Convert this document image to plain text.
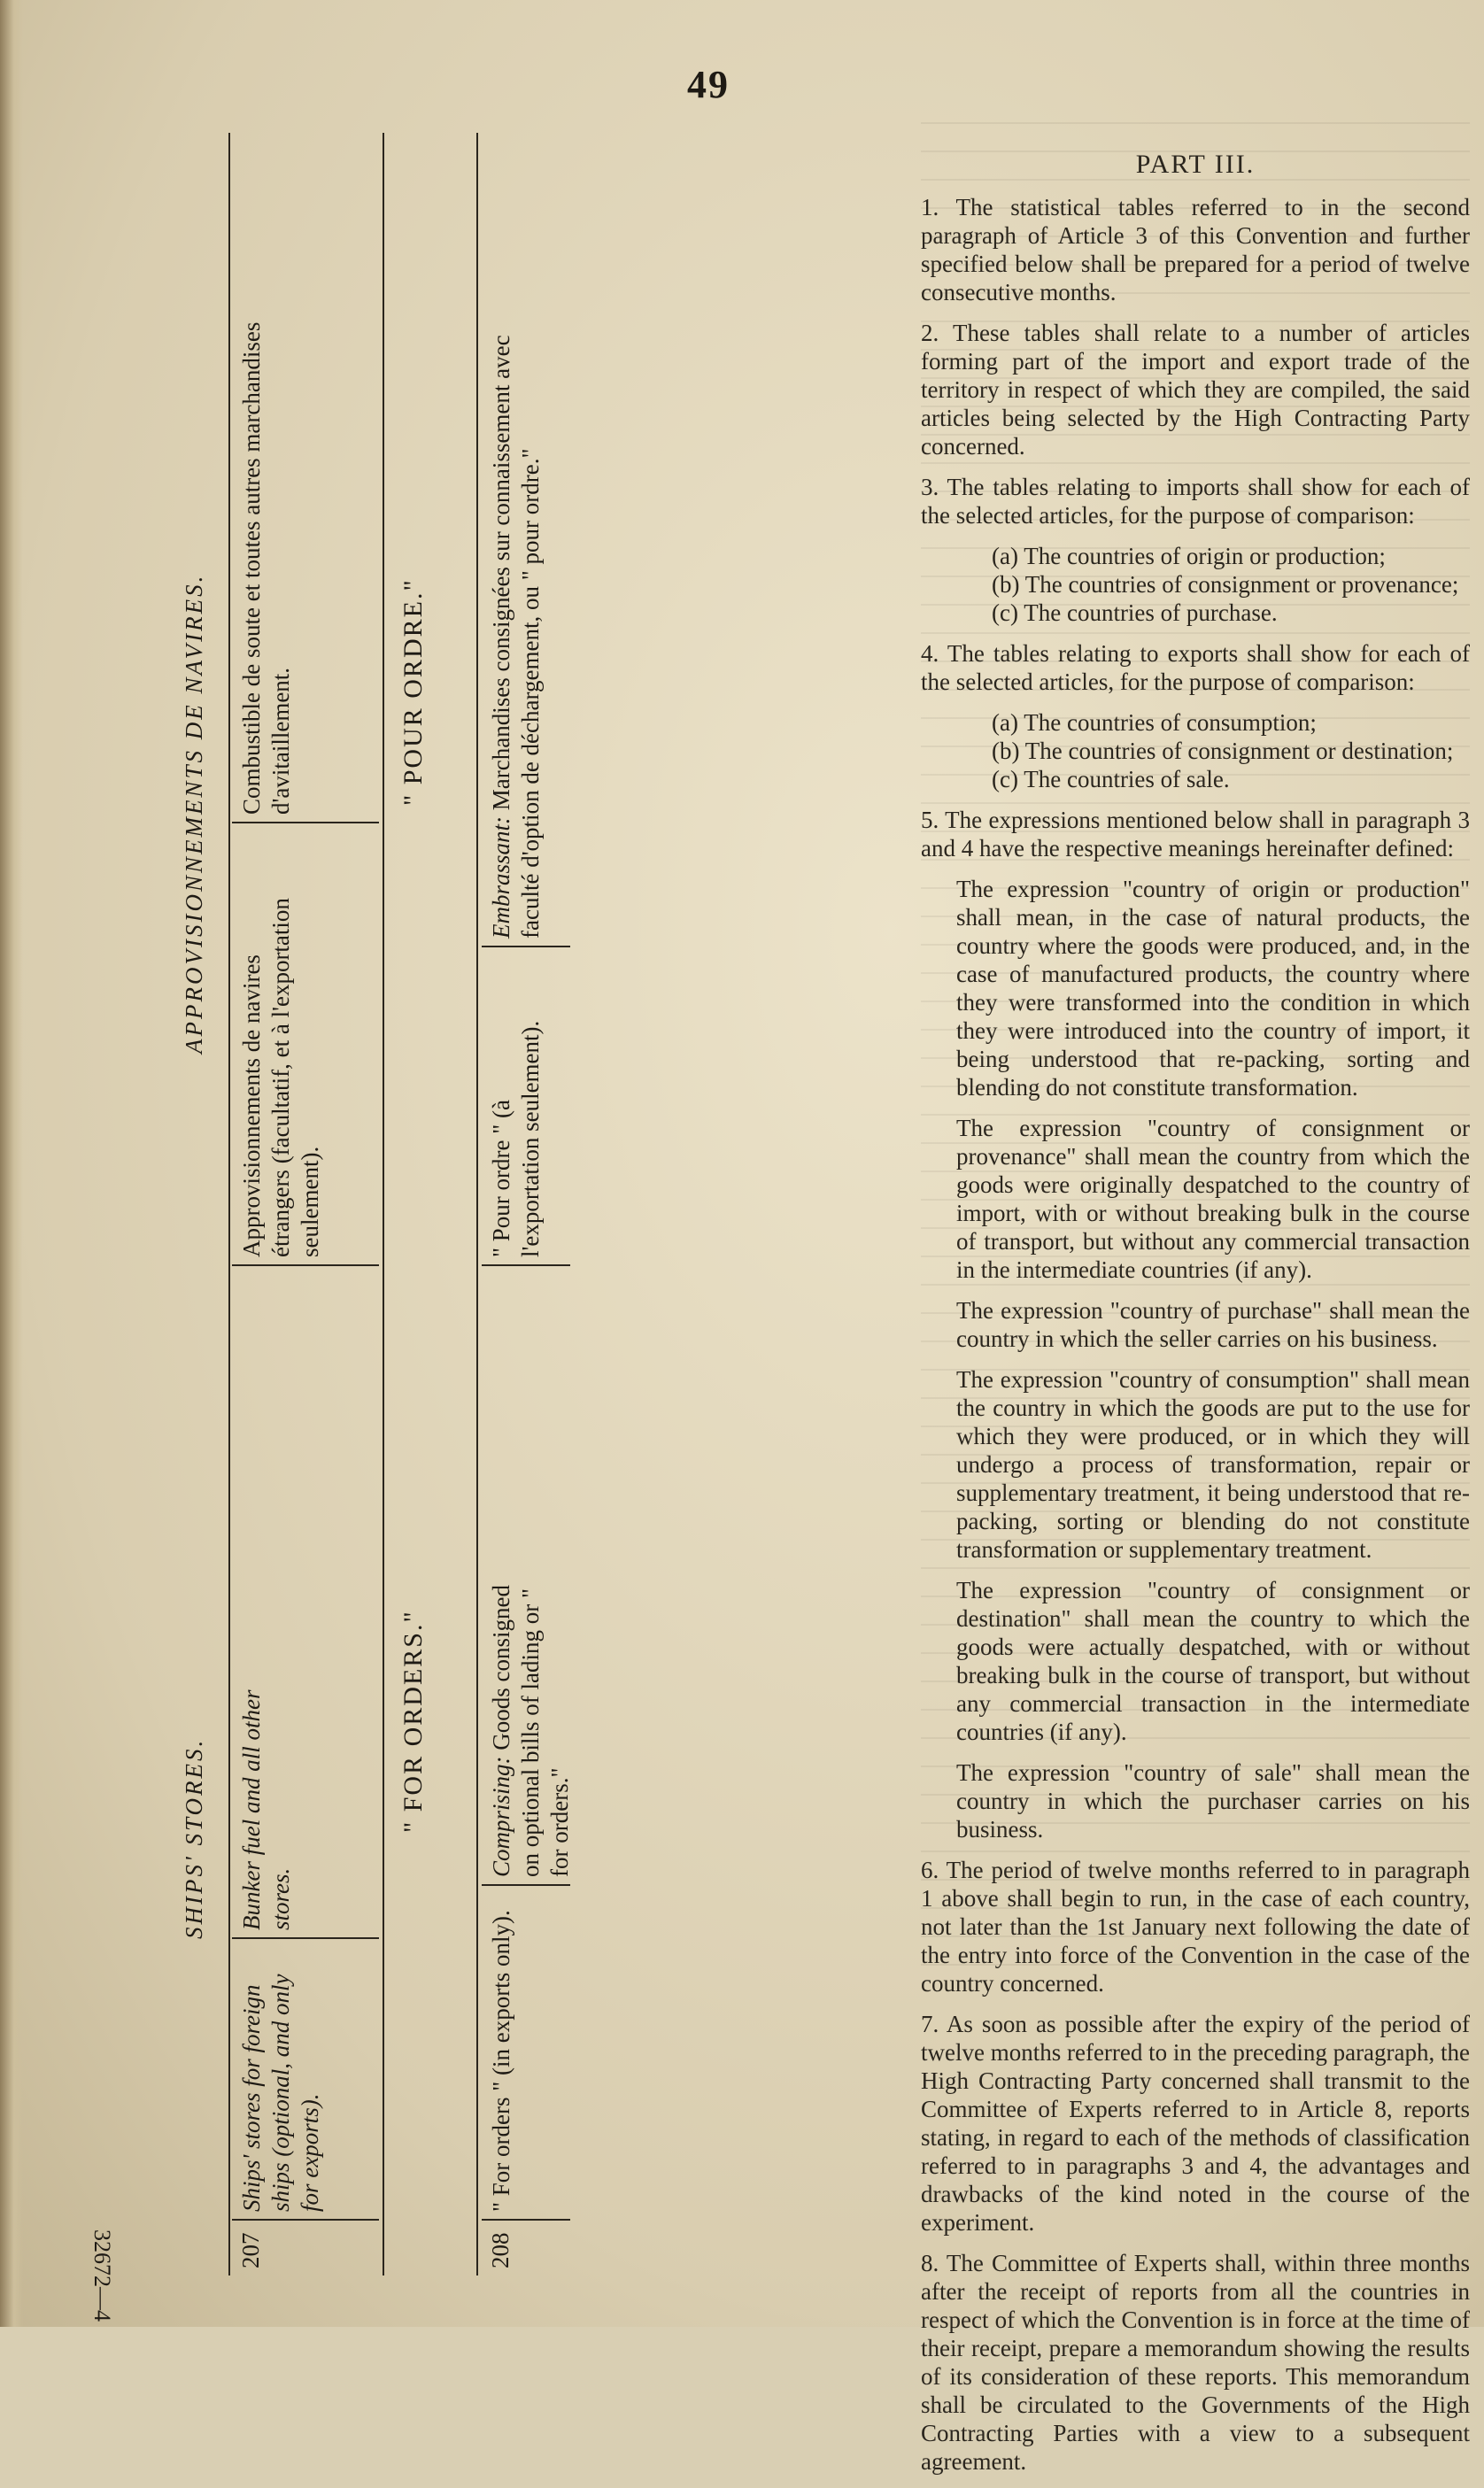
49
32672—4
SHIPS' STORES.
APPROVISIONNEMENTS DE NAVIRES.
207
Ships' stores for foreign ships (optional, and only for exports).
Bunker fuel and all other stores.
Approvisionnements de navires étrangers (facultatif, et à l'exportation seulement).
Combustible de soute et toutes autres marchandises d'avitaillement.
" FOR ORDERS."
" POUR ORDRE."
208
" For orders " (in exports only).
Comprising: Goods consigned on optional bills of lading or " for orders."
" Pour ordre " (à l'exportation seulement).
Embrassant: Marchandises consignées sur connaissement avec faculté d'option de déchargement, ou " pour ordre."
PART III.

1. The statistical tables referred to in the second paragraph of Article 3 of this Convention and further specified below shall be prepared for a period of twelve consecutive months.

2. These tables shall relate to a number of articles forming part of the import and export trade of the territory in respect of which they are compiled, the said articles being selected by the High Contracting Party concerned.

3. The tables relating to imports shall show for each of the selected articles, for the purpose of comparison:

(a) The countries of origin or production;

(b) The countries of consignment or provenance;

(c) The countries of purchase.

4. The tables relating to exports shall show for each of the selected articles, for the purpose of comparison:

(a) The countries of consumption;

(b) The countries of consignment or destination;

(c) The countries of sale.

5. The expressions mentioned below shall in paragraph 3 and 4 have the respective meanings hereinafter defined:

The expression "country of origin or production" shall mean, in the case of natural products, the country where the goods were produced, and, in the case of manufactured products, the country where they were transformed into the condition in which they were introduced into the country of import, it being understood that re-packing, sorting and blending do not constitute transformation.

The expression "country of consignment or provenance" shall mean the country from which the goods were originally despatched to the country of import, with or without breaking bulk in the course of transport, but without any commercial transaction in the intermediate countries (if any).

The expression "country of purchase" shall mean the country in which the seller carries on his business.

The expression "country of consumption" shall mean the country in which the goods are put to the use for which they were produced, or in which they will undergo a process of transformation, repair or supplementary treatment, it being understood that re-packing, sorting or blending do not constitute transformation or supplementary treatment.

The expression "country of consignment or destination" shall mean the country to which the goods were actually despatched, with or without breaking bulk in the course of transport, but without any commercial transaction in the intermediate countries (if any).

The expression "country of sale" shall mean the country in which the purchaser carries on his business.

6. The period of twelve months referred to in paragraph 1 above shall begin to run, in the case of each country, not later than the 1st January next following the date of the entry into force of the Convention in the case of the country concerned.

7. As soon as possible after the expiry of the period of twelve months referred to in the preceding paragraph, the High Contracting Party concerned shall transmit to the Committee of Experts referred to in Article 8, reports stating, in regard to each of the methods of classification referred to in paragraphs 3 and 4, the advantages and drawbacks of the kind noted in the course of the experiment.

8. The Committee of Experts shall, within three months after the receipt of reports from all the countries in respect of which the Convention is in force at the time of their receipt, prepare a memorandum showing the results of its consideration of these reports. This memorandum shall be circulated to the Governments of the High Contracting Parties with a view to a subsequent agreement.
